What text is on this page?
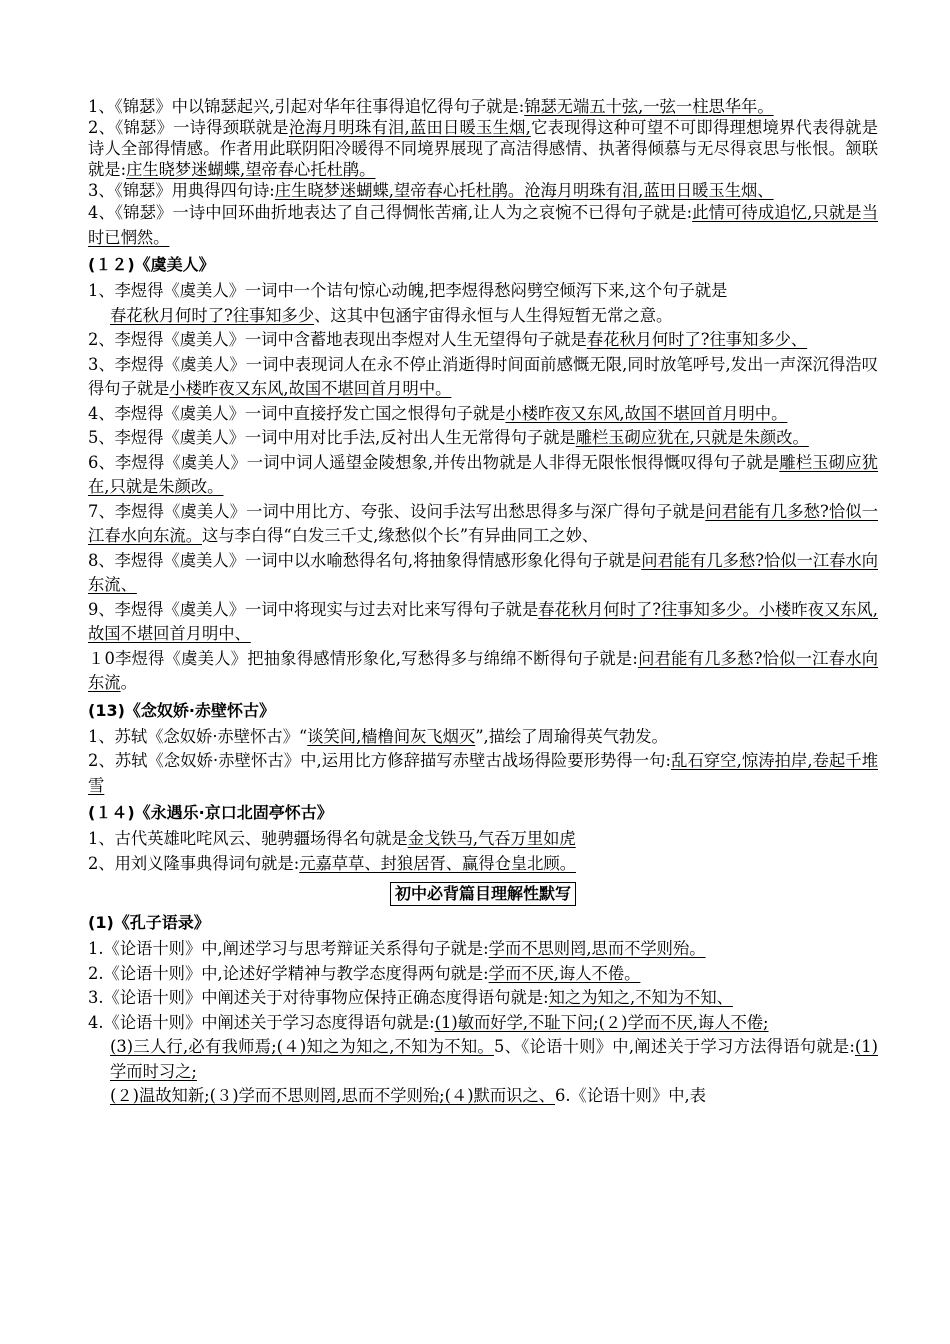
1、《锦瑟》中以锦瑟起兴,引起对华年往事得追忆得句子就是:锦瑟无端五十弦,一弦一柱思华年。

2、《锦瑟》一诗得颈联就是沧海月明珠有泪,蓝田日暖玉生烟,它表现得这种可望不可即得理想境界代表得就是诗人全部得情感。作者用此联阴阳冷暖得不同境界展现了高洁得感情、执著得倾慕与无尽得哀思与怅恨。颔联就是:庄生晓梦迷蝴蝶,望帝春心托杜鹃。

3、《锦瑟》用典得四句诗:庄生晓梦迷蝴蝶,望帝春心托杜鹃。沧海月明珠有泪,蓝田日暖玉生烟、

4、《锦瑟》一诗中回环曲折地表达了自己得惆怅苦痛,让人为之哀惋不已得句子就是:此情可待成追忆,只就是当时已惘然。

(１２)《虞美人》

1、李煜得《虞美人》一词中一个诘句惊心动魄,把李煜得愁闷劈空倾泻下来,这个句子就是
春花秋月何时了?往事知多少、这其中包涵宇宙得永恒与人生得短暂无常之意。

2、李煜得《虞美人》一词中含蓄地表现出李煜对人生无望得句子就是春花秋月何时了?往事知多少、

3、李煜得《虞美人》一词中表现词人在永不停止消逝得时间面前感慨无限,同时放笔呼号,发出一声深沉得浩叹得句子就是小楼昨夜又东风,故国不堪回首月明中。

4、李煜得《虞美人》一词中直接抒发亡国之恨得句子就是小楼昨夜又东风,故国不堪回首月明中。

5、李煜得《虞美人》一词中用对比手法,反衬出人生无常得句子就是雕栏玉砌应犹在,只就是朱颜改。

6、李煜得《虞美人》一词中词人遥望金陵想象,并传出物就是人非得无限怅恨得慨叹得句子就是雕栏玉砌应犹在,只就是朱颜改。

7、李煜得《虞美人》一词中用比方、夸张、设问手法写出愁思得多与深广得句子就是问君能有几多愁?恰似一江春水向东流。这与李白得“白发三千丈,缘愁似个长”有异曲同工之妙、

8、李煜得《虞美人》一词中以水喻愁得名句,将抽象得情感形象化得句子就是问君能有几多愁?恰似一江春水向东流、

9、李煜得《虞美人》一词中将现实与过去对比来写得句子就是春花秋月何时了?往事知多少。小楼昨夜又东风,故国不堪回首月明中、

１0李煜得《虞美人》把抽象得感情形象化,写愁得多与绵绵不断得句子就是:问君能有几多愁?恰似一江春水向东流。

(13)《念奴娇·赤壁怀古》

1、苏轼《念奴娇·赤壁怀古》“谈笑间,樯橹间灰飞烟灭”,描绘了周瑜得英气勃发。

2、苏轼《念奴娇·赤壁怀古》中,运用比方修辞描写赤壁古战场得险要形势得一句:乱石穿空,惊涛拍岸,卷起千堆雪

(１４)《永遇乐·京口北固亭怀古》

1、古代英雄叱咤风云、驰骋疆场得名句就是金戈铁马,气吞万里如虎

2、用刘义隆事典得词句就是:元嘉草草、封狼居胥、赢得仓皇北顾。

初中必背篇目理解性默写
(1)《孔子语录》

1.《论语十则》中,阐述学习与思考辩证关系得句子就是:学而不思则罔,思而不学则殆。

2.《论语十则》中,论述好学精神与教学态度得两句就是:学而不厌,诲人不倦。

3.《论语十则》中阐述关于对待事物应保持正确态度得语句就是:知之为知之,不知为不知、

4.《论语十则》中阐述关于学习态度得语句就是:(1)敏而好学,不耻下问;(２)学而不厌,诲人不倦;

(3)三人行,必有我师焉;(４)知之为知之,不知为不知。5、《论语十则》中,阐述关于学习方法得语句就是:(1)学而时习之;

(２)温故知新;(３)学而不思则罔,思而不学则殆;(４)默而识之、6.《论语十则》中,表
